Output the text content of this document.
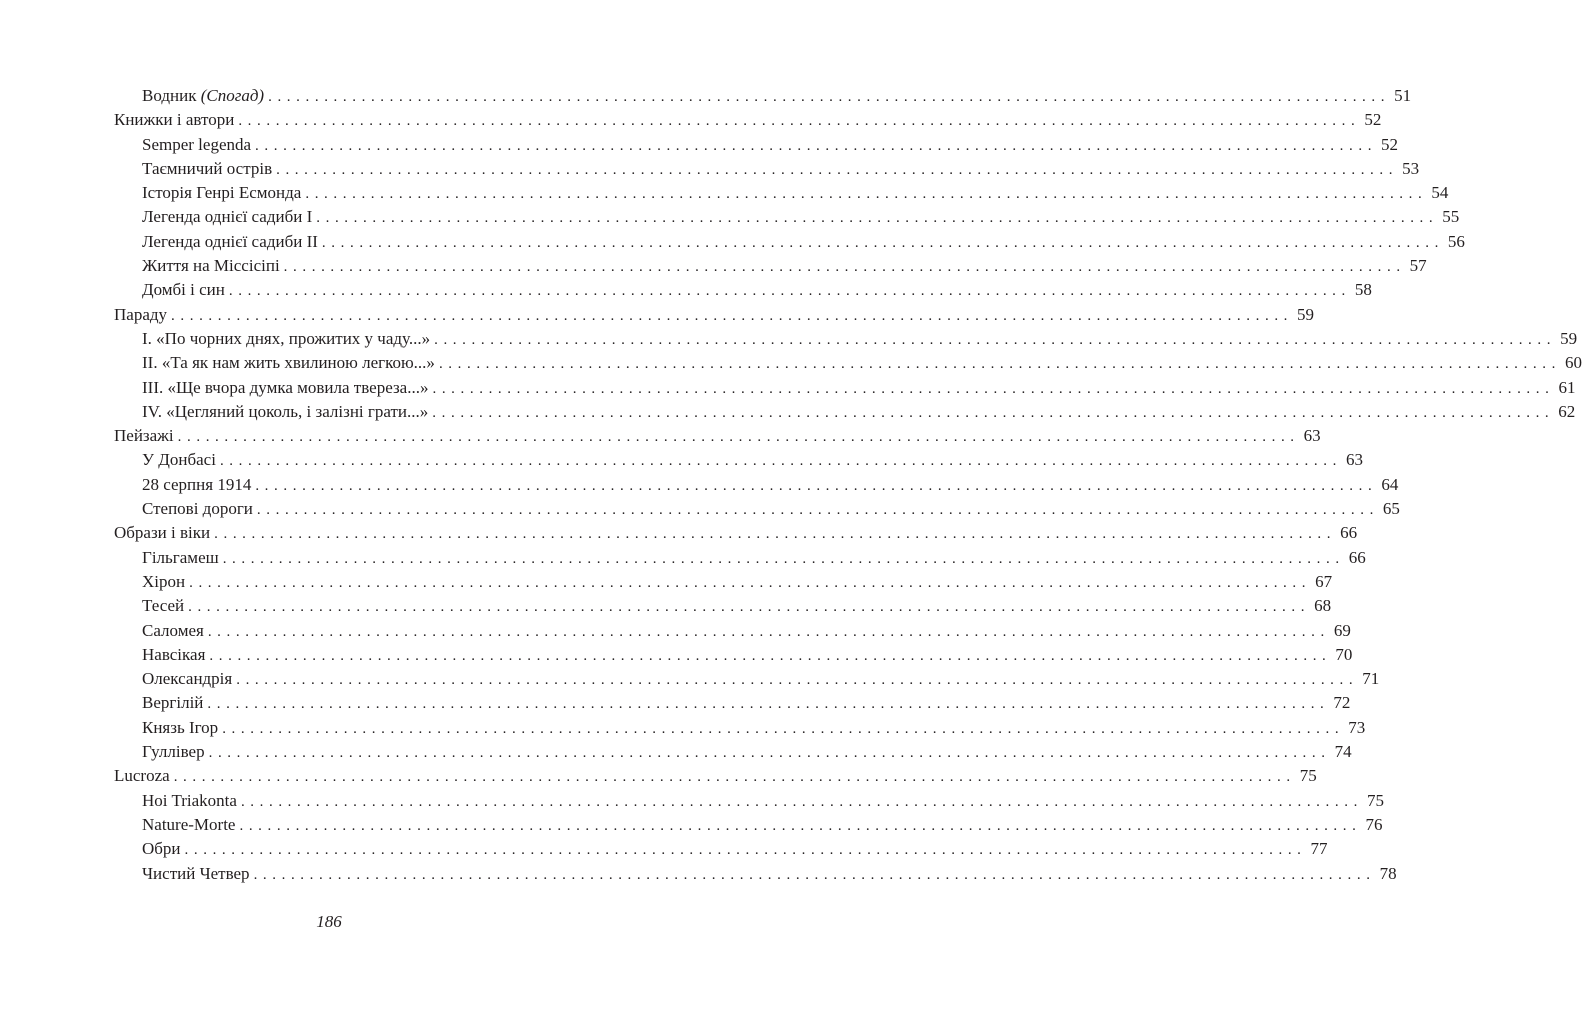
Водник (Спогад) ........................................................................................................................ 51
Книжки і автори ........................................................................................................................ 52
Semper legenda ........................................................................................................................ 52
Таємничий острів ........................................................................................................................ 53
Історія Генрі Есмонда ........................................................................................................................ 54
Легенда однієї садиби I ........................................................................................................................ 55
Легенда однієї садиби II ........................................................................................................................ 56
Життя на Міссісіпі ........................................................................................................................ 57
Домбі і син ........................................................................................................................ 58
Параду ........................................................................................................................ 59
I. «По чорних днях, прожитих у чаду...» ........................................................................................................................ 59
II. «Та як нам жить хвилиною легкою...» ........................................................................................................................ 60
III. «Ще вчора думка мовила твереза...» ........................................................................................................................ 61
IV. «Цегляний цоколь, і залізні грати...» ........................................................................................................................ 62
Пейзажі ........................................................................................................................ 63
У Донбасі ........................................................................................................................ 63
28 серпня 1914 ........................................................................................................................ 64
Степові дороги ........................................................................................................................ 65
Образи і віки ........................................................................................................................ 66
Гільгамеш ........................................................................................................................ 66
Хірон ........................................................................................................................ 67
Тесей ........................................................................................................................ 68
Саломея ........................................................................................................................ 69
Навсікая ........................................................................................................................ 70
Олександрія ........................................................................................................................ 71
Вергілій ........................................................................................................................ 72
Князь Ігор ........................................................................................................................ 73
Гуллівер ........................................................................................................................ 74
Lucroza ........................................................................................................................ 75
Hoi Triakonta ........................................................................................................................ 75
Nature-Morte ........................................................................................................................ 76
Обри ........................................................................................................................ 77
Чистий Четвер ........................................................................................................................ 78
186
